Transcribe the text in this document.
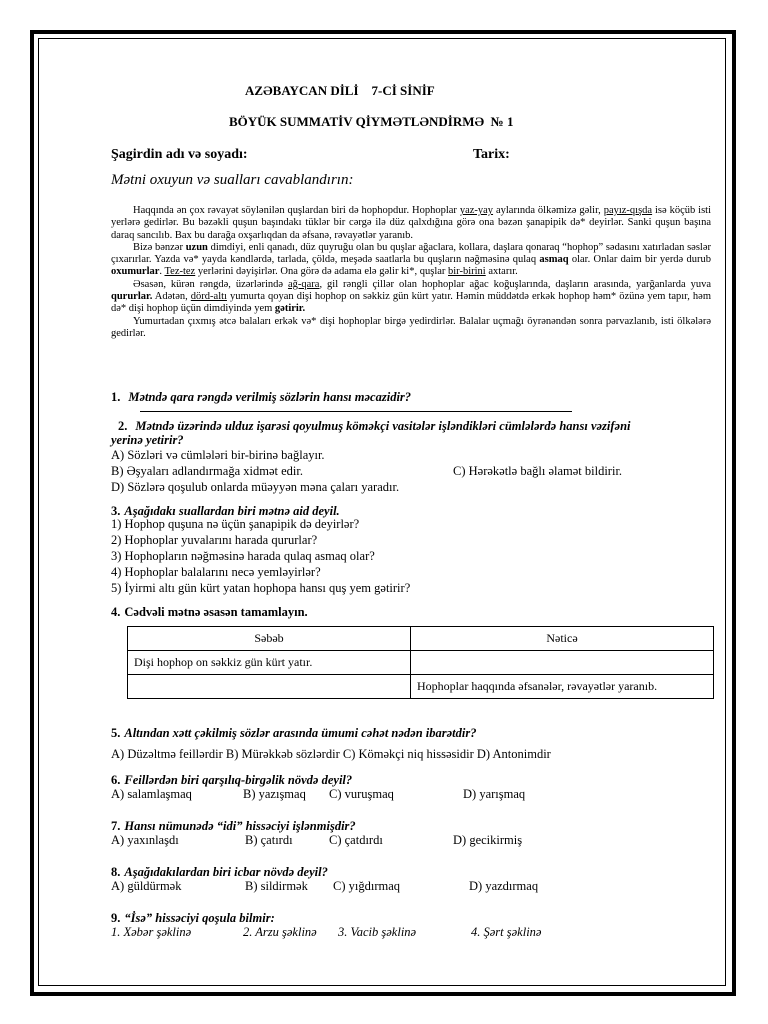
AZƏBAYCAN DİLİ 7-Cİ SİNİF
BÖYÜK SUMMATİV QİYMƏTLƏNDİRMƏ № 1
Şagirdin adı və soyadı:	Tarix:
Mətni oxuyun və sualları cavablandırın:

Haqqında ən çox rəvayət söylənilən quşlardan biri də hophopdur. Hophoplar yaz-yay aylarında ölkəmizə gəlir, payız-qışda isə köçüb isti yerlərə gedirlər. Bu bəzəkli quşun başındakı tüklər bir cərgə ilə düz qalxdığına görə ona bəzən şanapipik də* deyirlər. Sanki quşun başına daraq sancılıb. Bax bu darağa oxşarlıqdan da əfsanə, rəvayətlər yaranıb.

Bizə bənzər uzun dimdiyi, enli qanadı, düz quyruğu olan bu quşlar ağaclara, kollara, daşlara qonaraq “hophop” sədasını xatırladan səslər çıxarırlar. Yazda və* yayda kəndlərdə, tarlada, çöldə, meşədə saatlarla bu quşların nəğməsinə qulaq asmaq olar. Onlar daim bir yerdə durub oxumurlar. Tez-tez yerlərini dəyişirlər. Ona görə də adama elə gəlir ki*, quşlar bir-birini axtarır.

Əsasən, kürən rəngdə, üzərlərində ağ-qara, gil rəngli çillər olan hophoplar ağac koğuşlarında, daşların arasında, yarğanlarda yuva qururlar. Adətən, dörd-altı yumurta qoyan dişi hophop on səkkiz gün kürt yatır. Həmin müddətdə erkək hophop həm* özünə yem tapır, həm də* dişi hophop üçün dimdiyində yem gətirir.

Yumurtadan çıxmış ətcə balaları erkək və* dişi hophoplar birgə yedirdirlər. Balalar uçmağı öyrənəndən sonra pərvazlanıb, isti ölkələrə gedirlər.

1. Mətndə qara rəngdə verilmiş sözlərin hansı məcazidir?
2. Mətndə üzərində ulduz işarəsi qoyulmuş köməkçi vasitələr işləndikləri cümlələrdə hansı vəzifəni
yerinə yetirir?
A) Sözləri və cümlələri bir-birinə bağlayır.
B) Əşyaları adlandırmağa xidmət edir.	C) Hərəkətlə bağlı əlamət bildirir.
D) Sözlərə qoşulub onlarda müəyyən məna çaları yaradır.
3. Aşağıdakı suallardan biri mətnə aid deyil.
1) Hophop quşuna nə üçün şanapipik də deyirlər?
2) Hophoplar yuvalarını harada qururlar?
3) Hophopların nəğməsinə harada qulaq asmaq olar?
4) Hophoplar balalarını necə yemləyirlər?
5) İyirmi altı gün kürt yatan hophopa hansı quş yem gətirir?
4. Cədvəli mətnə əsasən tamamlayın.
Səbəb	Nəticə
Dişi hophop on səkkiz gün kürt yatır.	
	Hophoplar haqqında əfsanələr, rəvayətlər yaranıb.
5. Altından xətt çəkilmiş sözlər arasında ümumi cəhət nədən ibarətdir?
A) Düzəltmə feillərdir B) Mürəkkəb sözlərdir C) Köməkçi niq hissəsidir D) Antonimdir
6. Feillərdən biri qarşılıq-birgəlik növdə deyil?
A) salamlaşmaq	B) yazışmaq C) vuruşmaq	D) yarışmaq
7. Hansı nümunədə “idi” hissəciyi işlənmişdir?
A) yaxınlaşdı	B) çatırdı	C) çatdırdı	D) gecikirmiş
8. Aşağıdakılardan biri icbar növdə deyil?
A) güldürmək	B) sildirmək C) yığdırmaq	D) yazdırmaq
9. “İsə” hissəciyi qoşula bilmir:
1. Xəbər şəklinə	2. Arzu şəklinə 3. Vacib şəklinə	4. Şərt şəklinə
